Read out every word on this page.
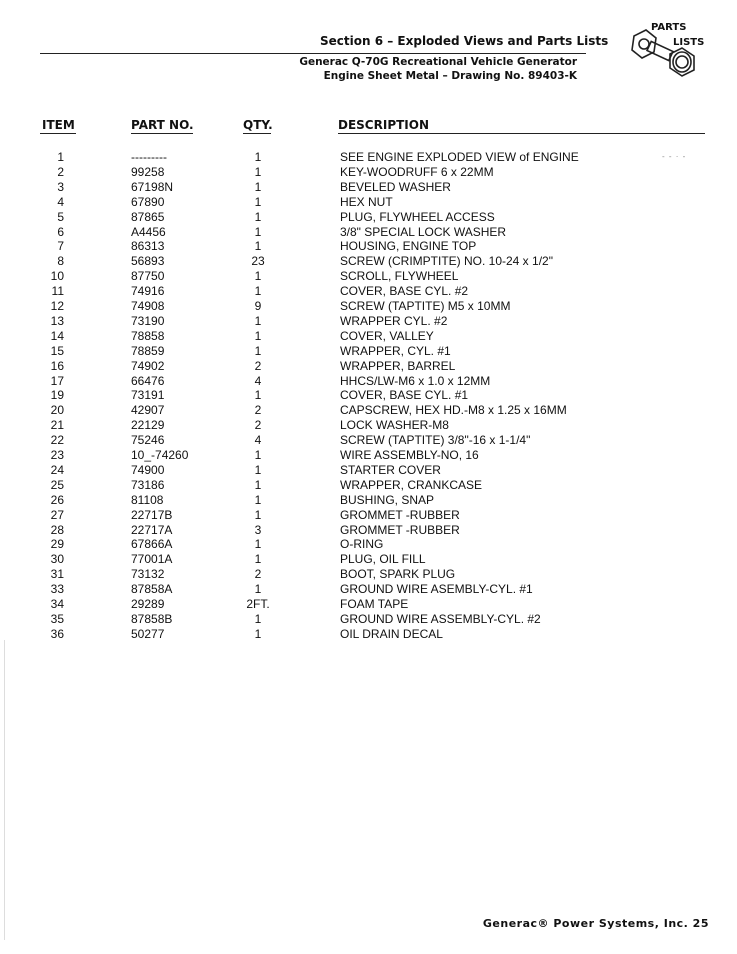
Section 6 – Exploded Views and Parts Lists
Generac Q-70G Recreational Vehicle Generator
Engine Sheet Metal – Drawing No. 89403-K
PARTS
LISTS
ITEM	PART NO.	QTY.	DESCRIPTION
- - · -
1	---------	1	SEE ENGINE EXPLODED VIEW of ENGINE
2	99258	1	KEY-WOODRUFF 6 x 22MM
3	67198N	1	BEVELED WASHER
4	67890	1	HEX NUT
5	87865	1	PLUG, FLYWHEEL ACCESS
6	A4456	1	3/8" SPECIAL LOCK WASHER
7	86313	1	HOUSING, ENGINE TOP
8	56893	23	SCREW (CRIMPTITE) NO. 10-24 x 1/2"
10	87750	1	SCROLL, FLYWHEEL
11	74916	1	COVER, BASE CYL. #2
12	74908	9	SCREW (TAPTITE) M5 x 10MM
13	73190	1	WRAPPER CYL. #2
14	78858	1	COVER, VALLEY
15	78859	1	WRAPPER, CYL. #1
16	74902	2	WRAPPER, BARREL
17	66476	4	HHCS/LW-M6 x 1.0 x 12MM
19	73191	1	COVER, BASE CYL. #1
20	42907	2	CAPSCREW, HEX HD.-M8 x 1.25 x 16MM
21	22129	2	LOCK WASHER-M8
22	75246	4	SCREW (TAPTITE) 3/8"-16 x 1-1/4"
23	10_-74260	1	WIRE ASSEMBLY-NO, 16
24	74900	1	STARTER COVER
25	73186	1	WRAPPER, CRANKCASE
26	81108	1	BUSHING, SNAP
27	22717B	1	GROMMET -RUBBER
28	22717A	3	GROMMET -RUBBER
29	67866A	1	O-RING
30	77001A	1	PLUG, OIL FILL
31	73132	2	BOOT, SPARK PLUG
33	87858A	1	GROUND WIRE ASEMBLY-CYL. #1
34	29289	2FT.	FOAM TAPE
35	87858B	1	GROUND WIRE ASSEMBLY-CYL. #2
36	50277	1	OIL DRAIN DECAL
Generac® Power Systems, Inc. 25
